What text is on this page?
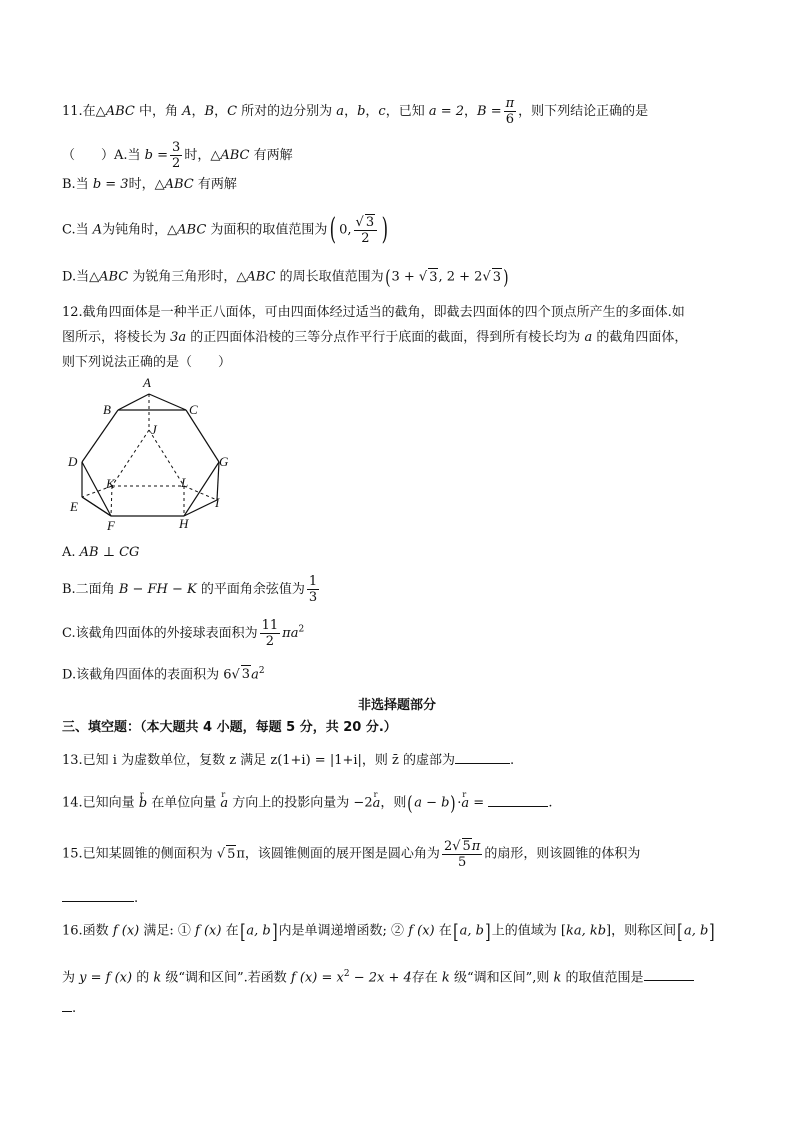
11.在△ABC 中，角 A，B，C 所对的边分别为 a，b，c，已知 a = 2，$B = \frac{\pi}{6}$ ，则下列结论正确的是
（　　）A.当 $b = \frac{3}{2}$ 时，△ABC 有两解
B.当 b = 3时，△ABC 有两解
C.当 A为钝角时，△ABC 为面积的取值范围为( 0, $\frac{√ 3}{2}$ )
D.当△ABC 为锐角三角形时，△ABC 的周长取值范围为(3 + √ 3, 2 + 2√ 3 )
12.截角四面体是一种半正八面体，可由四面体经过适当的截角，即截去四面体的四个顶点所产生的多面体.如
图所示，将棱长为 3a 的正四面体沿棱的三等分点作平行于底面的截面，得到所有棱长均为 a 的截角四面体，
则下列说法正确的是（　　）
A
B	C
J
D	G
K	L
E	I
F	H
A. AB ⊥ CG
B.二面角 B − FH − K 的平面角余弦值为 $\frac{1}{3}$
C.该截角四面体的外接球表面积为 $\frac{11}{2} \pi a^2$
D.该截角四面体的表面积为 6√ $3a^2$
非选择题部分
三、填空题：（本大题共 4 小题，每题 5 分，共 20 分.）
13.已知 i 为虚数单位，复数 z 满足 z(1+i) = |1+i|，则 z̄ 的虚部为	.
14.已知向量 r b 在单位向量 r a 方向上的投影向量为 −2r a，则(a − b)·r a =	.
15.已知某圆锥的侧面积为 √ 5π，该圆锥侧面的展开图是圆心角为 $\frac{2√ 5\pi}{5}$ 的扇形，则该圆锥的体积为
.
16.函数 f (x) 满足: ① f (x) 在[a, b]内是单调递增函数; ② f (x) 在[a, b]上的值域为 [ka, kb]，则称区间[a, b]
为 y = f (x) 的 k 级“调和区间”.若函数 f $(x) = x^2 - 2x + 4$存在 k 级“调和区间”,则 k 的取值范围是
.
